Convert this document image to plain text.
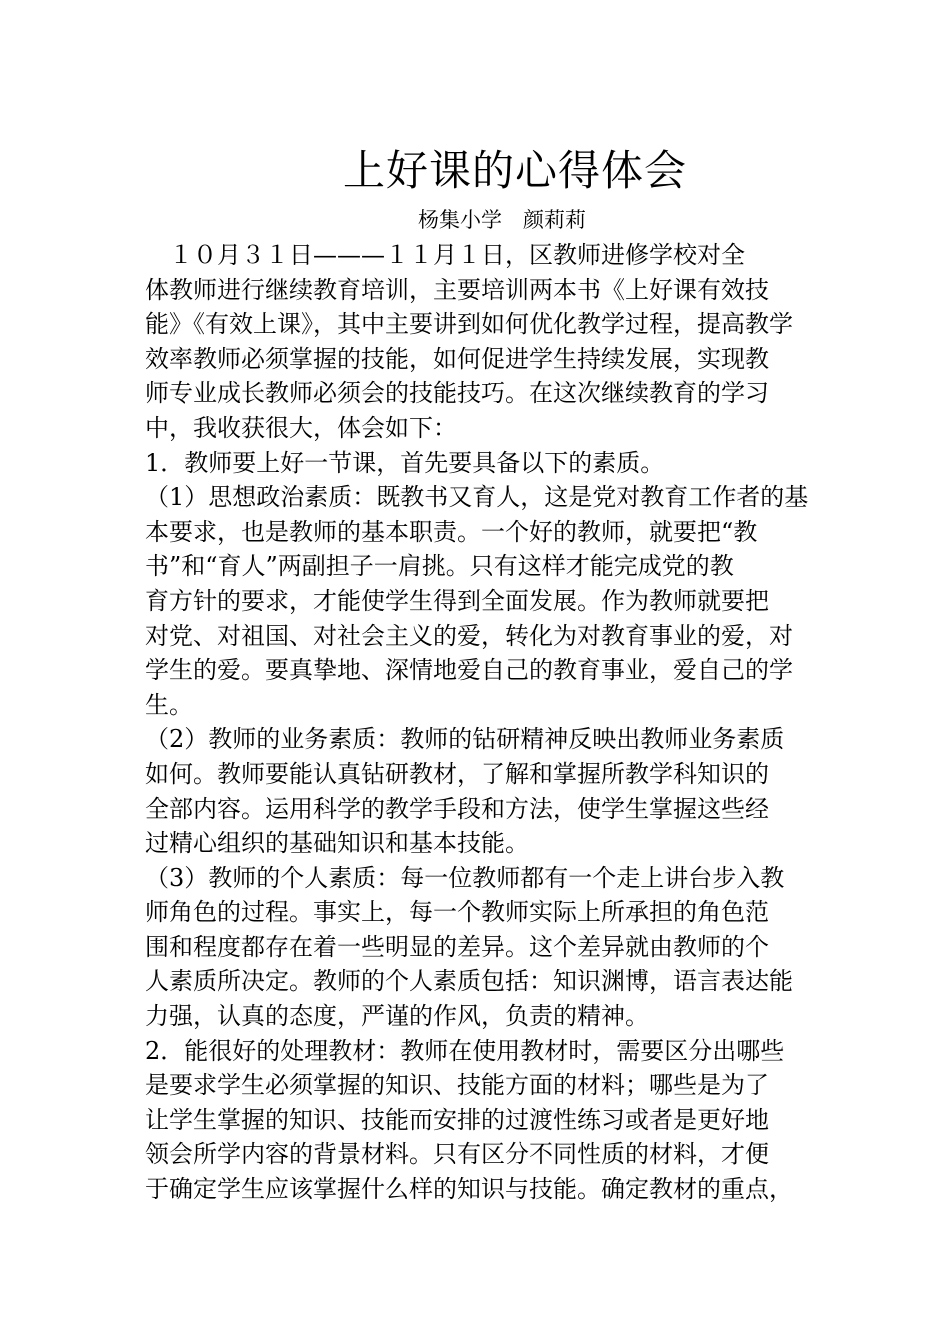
上好课的心得体会
杨集小学　颜莉莉
　１０月３１日———１１月１日，区教师进修学校对全
体教师进行继续教育培训，主要培训两本书《上好课有效技
能》《有效上课》，其中主要讲到如何优化教学过程，提高教学
效率教师必须掌握的技能，如何促进学生持续发展，实现教
师专业成长教师必须会的技能技巧。在这次继续教育的学习
中，我收获很大，体会如下：
1．教师要上好一节课，首先要具备以下的素质。
（1）思想政治素质：既教书又育人，这是党对教育工作者的基
本要求，也是教师的基本职责。一个好的教师，就要把“教
书”和“育人”两副担子一肩挑。只有这样才能完成党的教
育方针的要求，才能使学生得到全面发展。作为教师就要把
对党、对祖国、对社会主义的爱，转化为对教育事业的爱，对
学生的爱。要真挚地、深情地爱自己的教育事业，爱自己的学
生。
（2）教师的业务素质：教师的钻研精神反映出教师业务素质
如何。教师要能认真钻研教材，了解和掌握所教学科知识的
全部内容。运用科学的教学手段和方法，使学生掌握这些经
过精心组织的基础知识和基本技能。
（3）教师的个人素质：每一位教师都有一个走上讲台步入教
师角色的过程。事实上，每一个教师实际上所承担的角色范
围和程度都存在着一些明显的差异。这个差异就由教师的个
人素质所决定。教师的个人素质包括：知识渊博，语言表达能
力强，认真的态度，严谨的作风，负责的精神。
2．能很好的处理教材：教师在使用教材时，需要区分出哪些
是要求学生必须掌握的知识、技能方面的材料；哪些是为了
让学生掌握的知识、技能而安排的过渡性练习或者是更好地
领会所学内容的背景材料。只有区分不同性质的材料，才便
于确定学生应该掌握什么样的知识与技能。确定教材的重点，
